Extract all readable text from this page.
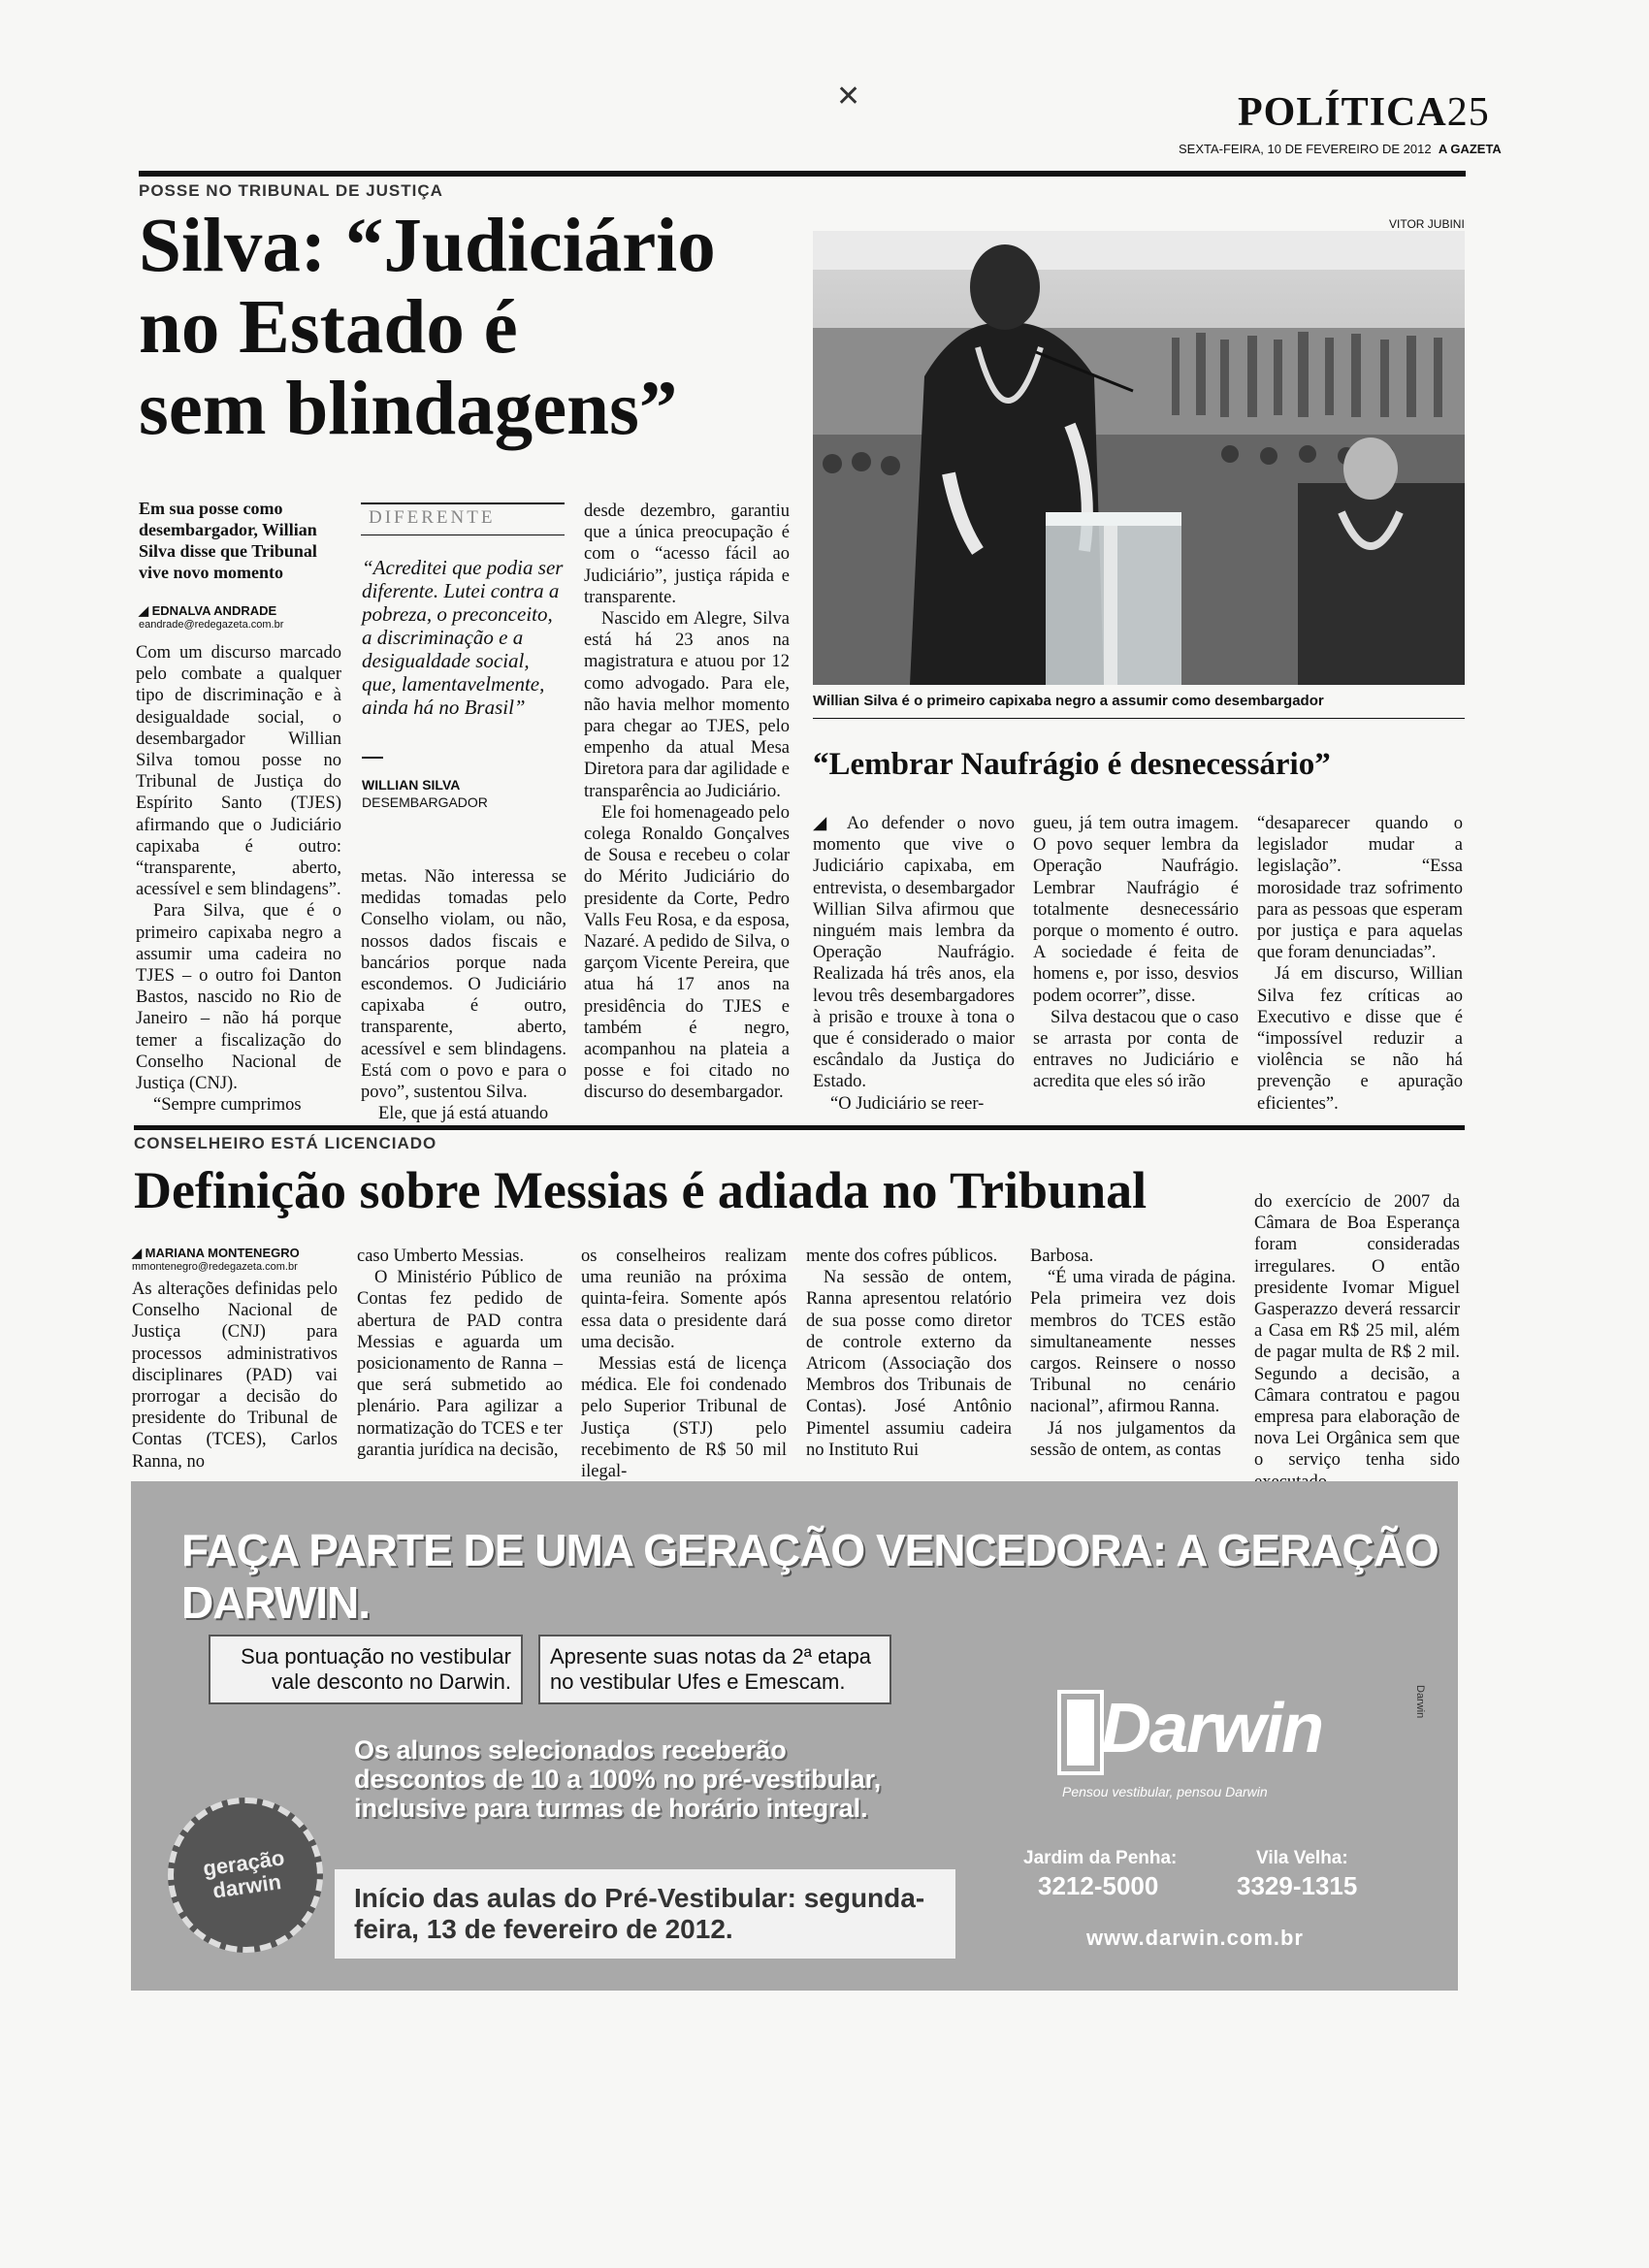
✕	POLÍTICA25
SEXTA-FEIRA, 10 DE FEVEREIRO DE 2012 A GAZETA
POSSE NO TRIBUNAL DE JUSTIÇA
Silva: “Judiciário
no Estado é
sem blindagens”
Em sua posse como desembargador, Willian Silva disse que Tribunal vive novo momento
◢ EDNALVA ANDRADE
eandrade@redegazeta.com.br

Com um discurso marcado pelo combate a qualquer tipo de discriminação e à desigualdade social, o desembargador Willian Silva tomou posse no Tribunal de Justiça do Espírito Santo (TJES) afirmando que o Judiciário capixaba é outro: “transparente, aberto, acessível e sem blindagens”.

Para Silva, que é o primeiro capixaba negro a assumir uma cadeira no TJES – o outro foi Danton Bastos, nascido no Rio de Janeiro – não há porque temer a fiscalização do Conselho Nacional de Justiça (CNJ).

“Sempre cumprimos

DIFERENTE
“Acreditei que podia ser diferente. Lutei contra a pobreza, o preconceito, a discriminação e a desigualdade social, que, lamentavelmente, ainda há no Brasil”
WILLIAN SILVA
DESEMBARGADOR

metas. Não interessa se medidas tomadas pelo Conselho violam, ou não, nossos dados fiscais e bancários porque nada escondemos. O Judiciário capixaba é outro, transparente, aberto, acessível e sem blindagens. Está com o povo e para o povo”, sustentou Silva.

Ele, que já está atuando

desde dezembro, garantiu que a única preocupação é com o “acesso fácil ao Judiciário”, justiça rápida e transparente.

Nascido em Alegre, Silva está há 23 anos na magistratura e atuou por 12 como advogado. Para ele, não havia melhor momento para chegar ao TJES, pelo empenho da atual Mesa Diretora para dar agilidade e transparência ao Judiciário.

Ele foi homenageado pelo colega Ronaldo Gonçalves de Sousa e recebeu o colar do Mérito Judiciário do presidente da Corte, Pedro Valls Feu Rosa, e da esposa, Nazaré. A pedido de Silva, o garçom Vicente Pereira, que atua há 17 anos na presidência do TJES e também é negro, acompanhou na plateia a posse e foi citado no discurso do desembargador.

VITOR JUBINI
Willian Silva é o primeiro capixaba negro a assumir como desembargador
“Lembrar Naufrágio é desnecessário”

◢ Ao defender o novo momento que vive o Judiciário capixaba, em entrevista, o desembargador Willian Silva afirmou que ninguém mais lembra da Operação Naufrágio. Realizada há três anos, ela levou três desembargadores à prisão e trouxe à tona o que é considerado o maior escândalo da Justiça do Estado.

“O Judiciário se reer-

gueu, já tem outra imagem. O povo sequer lembra da Operação Naufrágio. Lembrar Naufrágio é totalmente desnecessário porque o momento é outro. A sociedade é feita de homens e, por isso, desvios podem ocorrer”, disse.

Silva destacou que o caso se arrasta por conta de entraves no Judiciário e acredita que eles só irão

“desaparecer quando o legislador mudar a legislação”. “Essa morosidade traz sofrimento para as pessoas que esperam por justiça e para aquelas que foram denunciadas”.

Já em discurso, Willian Silva fez críticas ao Executivo e disse que é “impossível reduzir a violência se não há prevenção e apuração eficientes”.

CONSELHEIRO ESTÁ LICENCIADO
Definição sobre Messias é adiada no Tribunal
◢ MARIANA MONTENEGRO
mmontenegro@redegazeta.com.br

As alterações definidas pelo Conselho Nacional de Justiça (CNJ) para processos administrativos disciplinares (PAD) vai prorrogar a decisão do presidente do Tribunal de Contas (TCES), Carlos Ranna, no

caso Umberto Messias.

O Ministério Público de Contas fez pedido de abertura de PAD contra Messias e aguarda um posicionamento de Ranna – que será submetido ao plenário. Para agilizar a normatização do TCES e ter garantia jurídica na decisão,

os conselheiros realizam uma reunião na próxima quinta-feira. Somente após essa data o presidente dará uma decisão.

Messias está de licença médica. Ele foi condenado pelo Superior Tribunal de Justiça (STJ) pelo recebimento de R$ 50 mil ilegal-

mente dos cofres públicos.

Na sessão de ontem, Ranna apresentou relatório de sua posse como diretor de controle externo da Atricom (Associação dos Membros dos Tribunais de Contas). José Antônio Pimentel assumiu cadeira no Instituto Rui

Barbosa.

“É uma virada de página. Pela primeira vez dois membros do TCES estão simultaneamente nesses cargos. Reinsere o nosso Tribunal no cenário nacional”, afirmou Ranna.

Já nos julgamentos da sessão de ontem, as contas

do exercício de 2007 da Câmara de Boa Esperança foram consideradas irregulares. O então presidente Ivomar Miguel Gasperazzo deverá ressarcir a Casa em R$ 25 mil, além de pagar multa de R$ 2 mil. Segundo a decisão, a Câmara contratou e pagou empresa para elaboração de nova Lei Orgânica sem que o serviço tenha sido

FAÇA PARTE DE UMA GERAÇÃO VENCEDORA: A GERAÇÃO DARWIN.
Sua pontuação no vestibular vale desconto no Darwin.
Apresente suas notas da 2ª etapa no vestibular Ufes e Emescam.
Os alunos selecionados receberão descontos de 10 a 100% no pré-vestibular, inclusive para turmas de horário integral.
geração darwin	Início das aulas do Pré-Vestibular: segunda-feira, 13 de fevereiro de 2012.
Darwin
Pensou vestibular, pensou Darwin
Jardim da Penha:
3212-5000
Vila Velha:
3329-1315
www.darwin.com.br
Darwin
